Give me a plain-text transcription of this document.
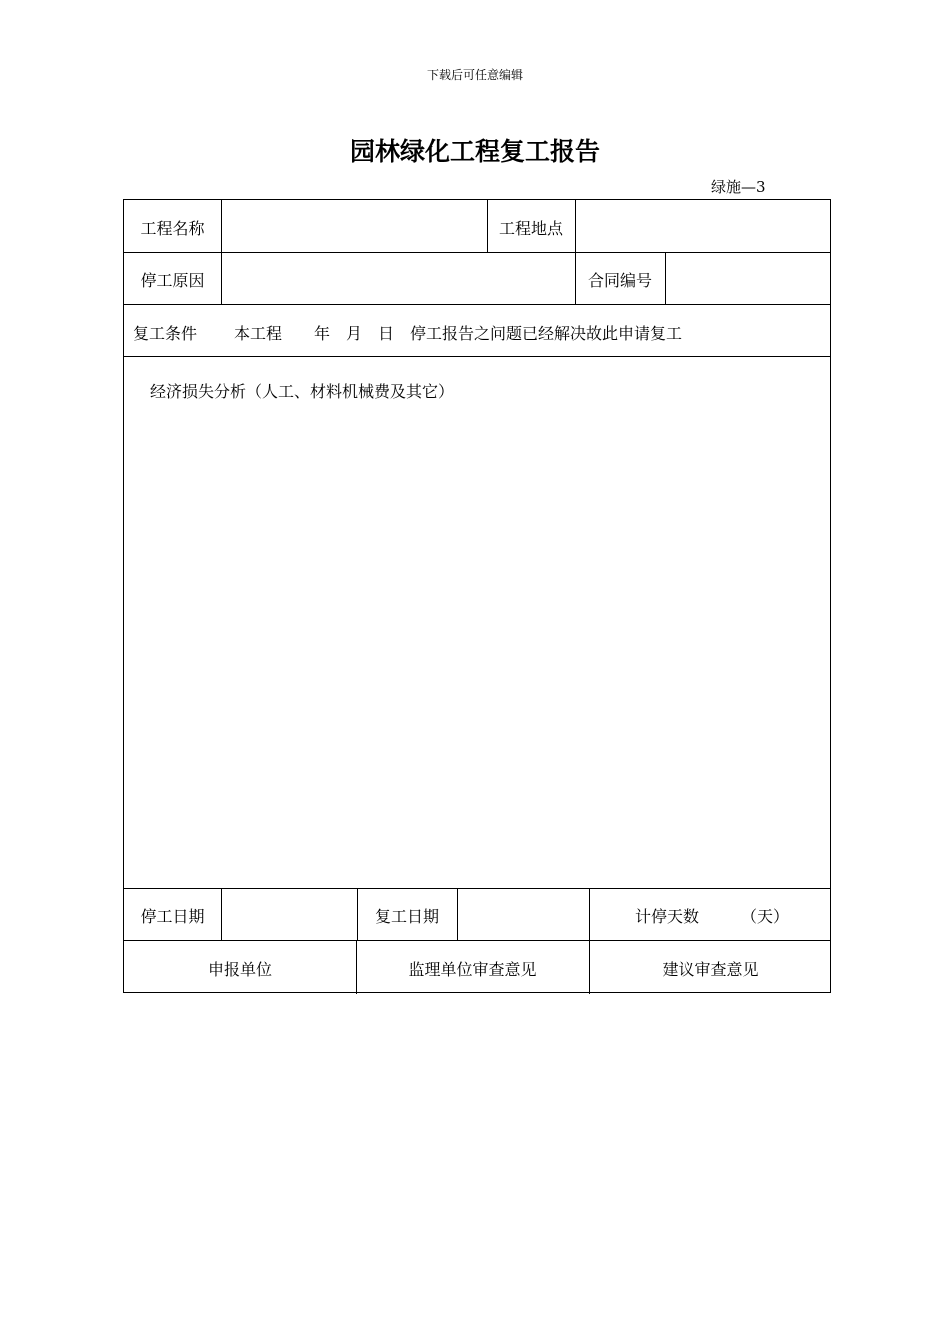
下载后可任意编辑
园林绿化工程复工报告
绿施—3
工程名称	工程地点
停工原因	合同编号
复工条件 本工程　　年　月　日　停工报告之问题已经解决故此申请复工
经济损失分析（人工、材料机械费及其它）
停工日期	复工日期	计停天数	（天）
申报单位	监理单位审查意见	建议审查意见
